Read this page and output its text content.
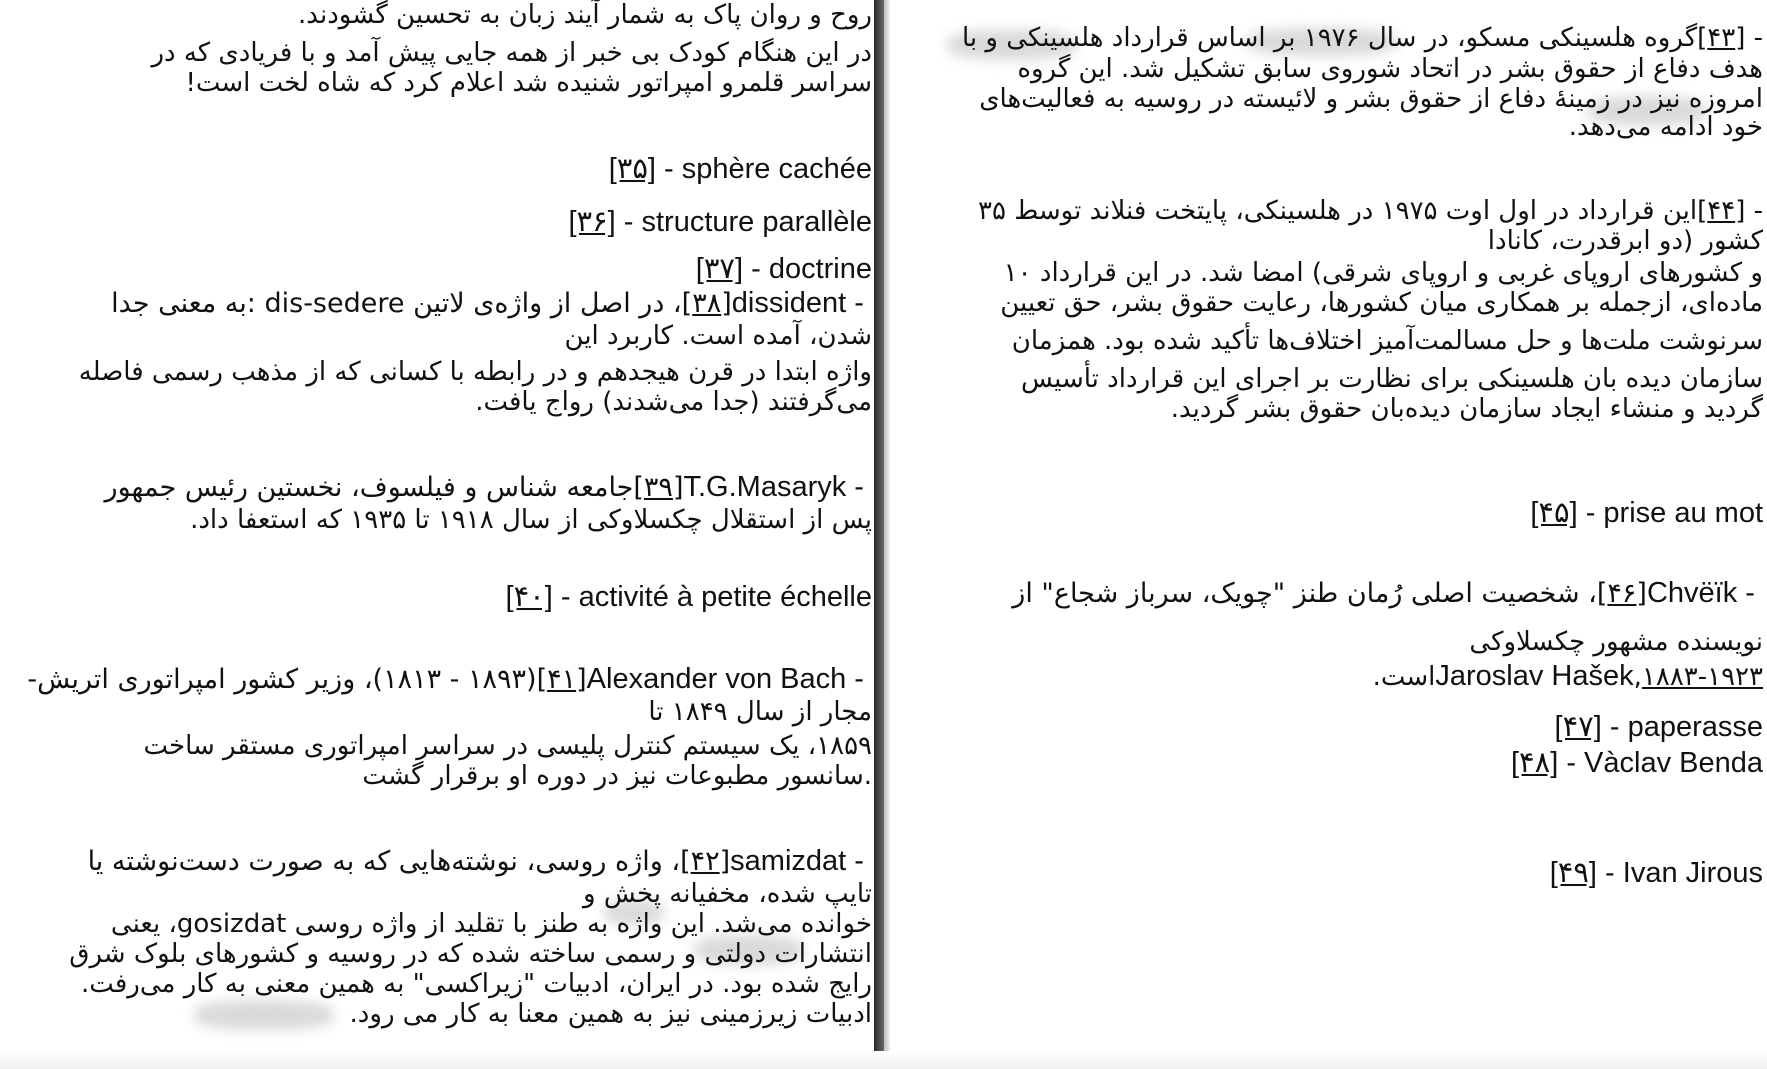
روح و روان پاک به شمار آیند زبان به تحسین گشودند.
در این هنگام کودک بی خبر از همه جایی پیش آمد و با فریادی که در
سراسر قلمرو امپراتور شنیده شد اعلام کرد که شاه لخت است!
[۳۵] - sphère cachée
[۳۶] - structure parallèle
[۳۷] - doctrine
dissident - [۳۸]، در اصل از واژه‌ی لاتین dis-sedere :به معنی جدا
شدن، آمده است. کاربرد این
واژه ابتدا در قرن هیجدهم و در رابطه با کسانی که از مذهب رسمی فاصله
می‌گرفتند (جدا می‌شدند) رواج یافت.
T.G.Masaryk - [۳۹]جامعه شناس و فیلسوف، نخستین رئیس جمهور
پس از استقلال چکسلاوکی از سال ۱۹۱۸ تا ۱۹۳۵ که استعفا داد.
[۴۰] - activité à petite échelle
Alexander von Bach - [۴۱](۱۸۹۳ - ۱۸۱۳)، وزیر کشور امپراتوری اتریش-
مجار از سال ۱۸۴۹ تا
۱۸۵۹، یک سیستم کنترل پلیسی در سراسر امپراتوری مستقر ساخت
.سانسور مطبوعات نیز در دوره او برقرار گشت
samizdat - [۴۲]، واژه روسی، نوشته‌هایی که به صورت دست‌نوشته یا
تایپ شده، مخفیانه پخش و
خوانده می‌شد. این واژه به طنز با تقلید از واژه روسی gosizdat، یعنی
انتشارات دولتی و رسمی ساخته شده که در روسیه و کشورهای بلوک شرق
رایج شده بود. در ایران، ادبیات "زیراکسی" به همین معنی به کار می‌رفت.
ادبیات زیرزمینی نیز به همین معنا به کار می رود.
- [۴۳]گروه هلسینکی مسکو، در سال ۱۹۷۶ بر اساس قرارداد هلسینکی و با
هدف دفاع از حقوق بشر در اتحاد شوروی سابق تشکیل شد. این گروه
امروزه نیز در زمینهٔ دفاع از حقوق بشر و لائیسته در روسیه به فعالیت‌های
خود ادامه می‌دهد.
- [۴۴]این قرارداد در اول اوت ۱۹۷۵ در هلسینکی، پایتخت فنلاند توسط ۳۵
کشور (دو ابرقدرت، کانادا
و کشورهای اروپای غربی و اروپای شرقی) امضا شد. در این قرارداد ۱۰
ماده‌ای، ازجمله بر همکاری میان کشورها، رعایت حقوق بشر، حق تعیین
سرنوشت ملت‌ها و حل مسالمت‌آمیز اختلاف‌ها تأکید شده بود. همزمان
سازمان دیده بان هلسینکی برای نظارت بر اجرای این قرارداد تأسیس
گردید و منشاء ایجاد سازمان دیده‌بان حقوق بشر گردید.
[۴۵] - prise au mot
Chvëïk - [۴۶]، شخصیت اصلی رُمان طنز "چویک، سرباز شجاع" از
نویسنده مشهور چکسلاوکی
۱۸۸۳-۱۹۲۳,Jaroslav Hašekاست.
[۴۷] - paperasse
[۴۸] - Vàclav Benda
[۴۹] - Ivan Jirous
